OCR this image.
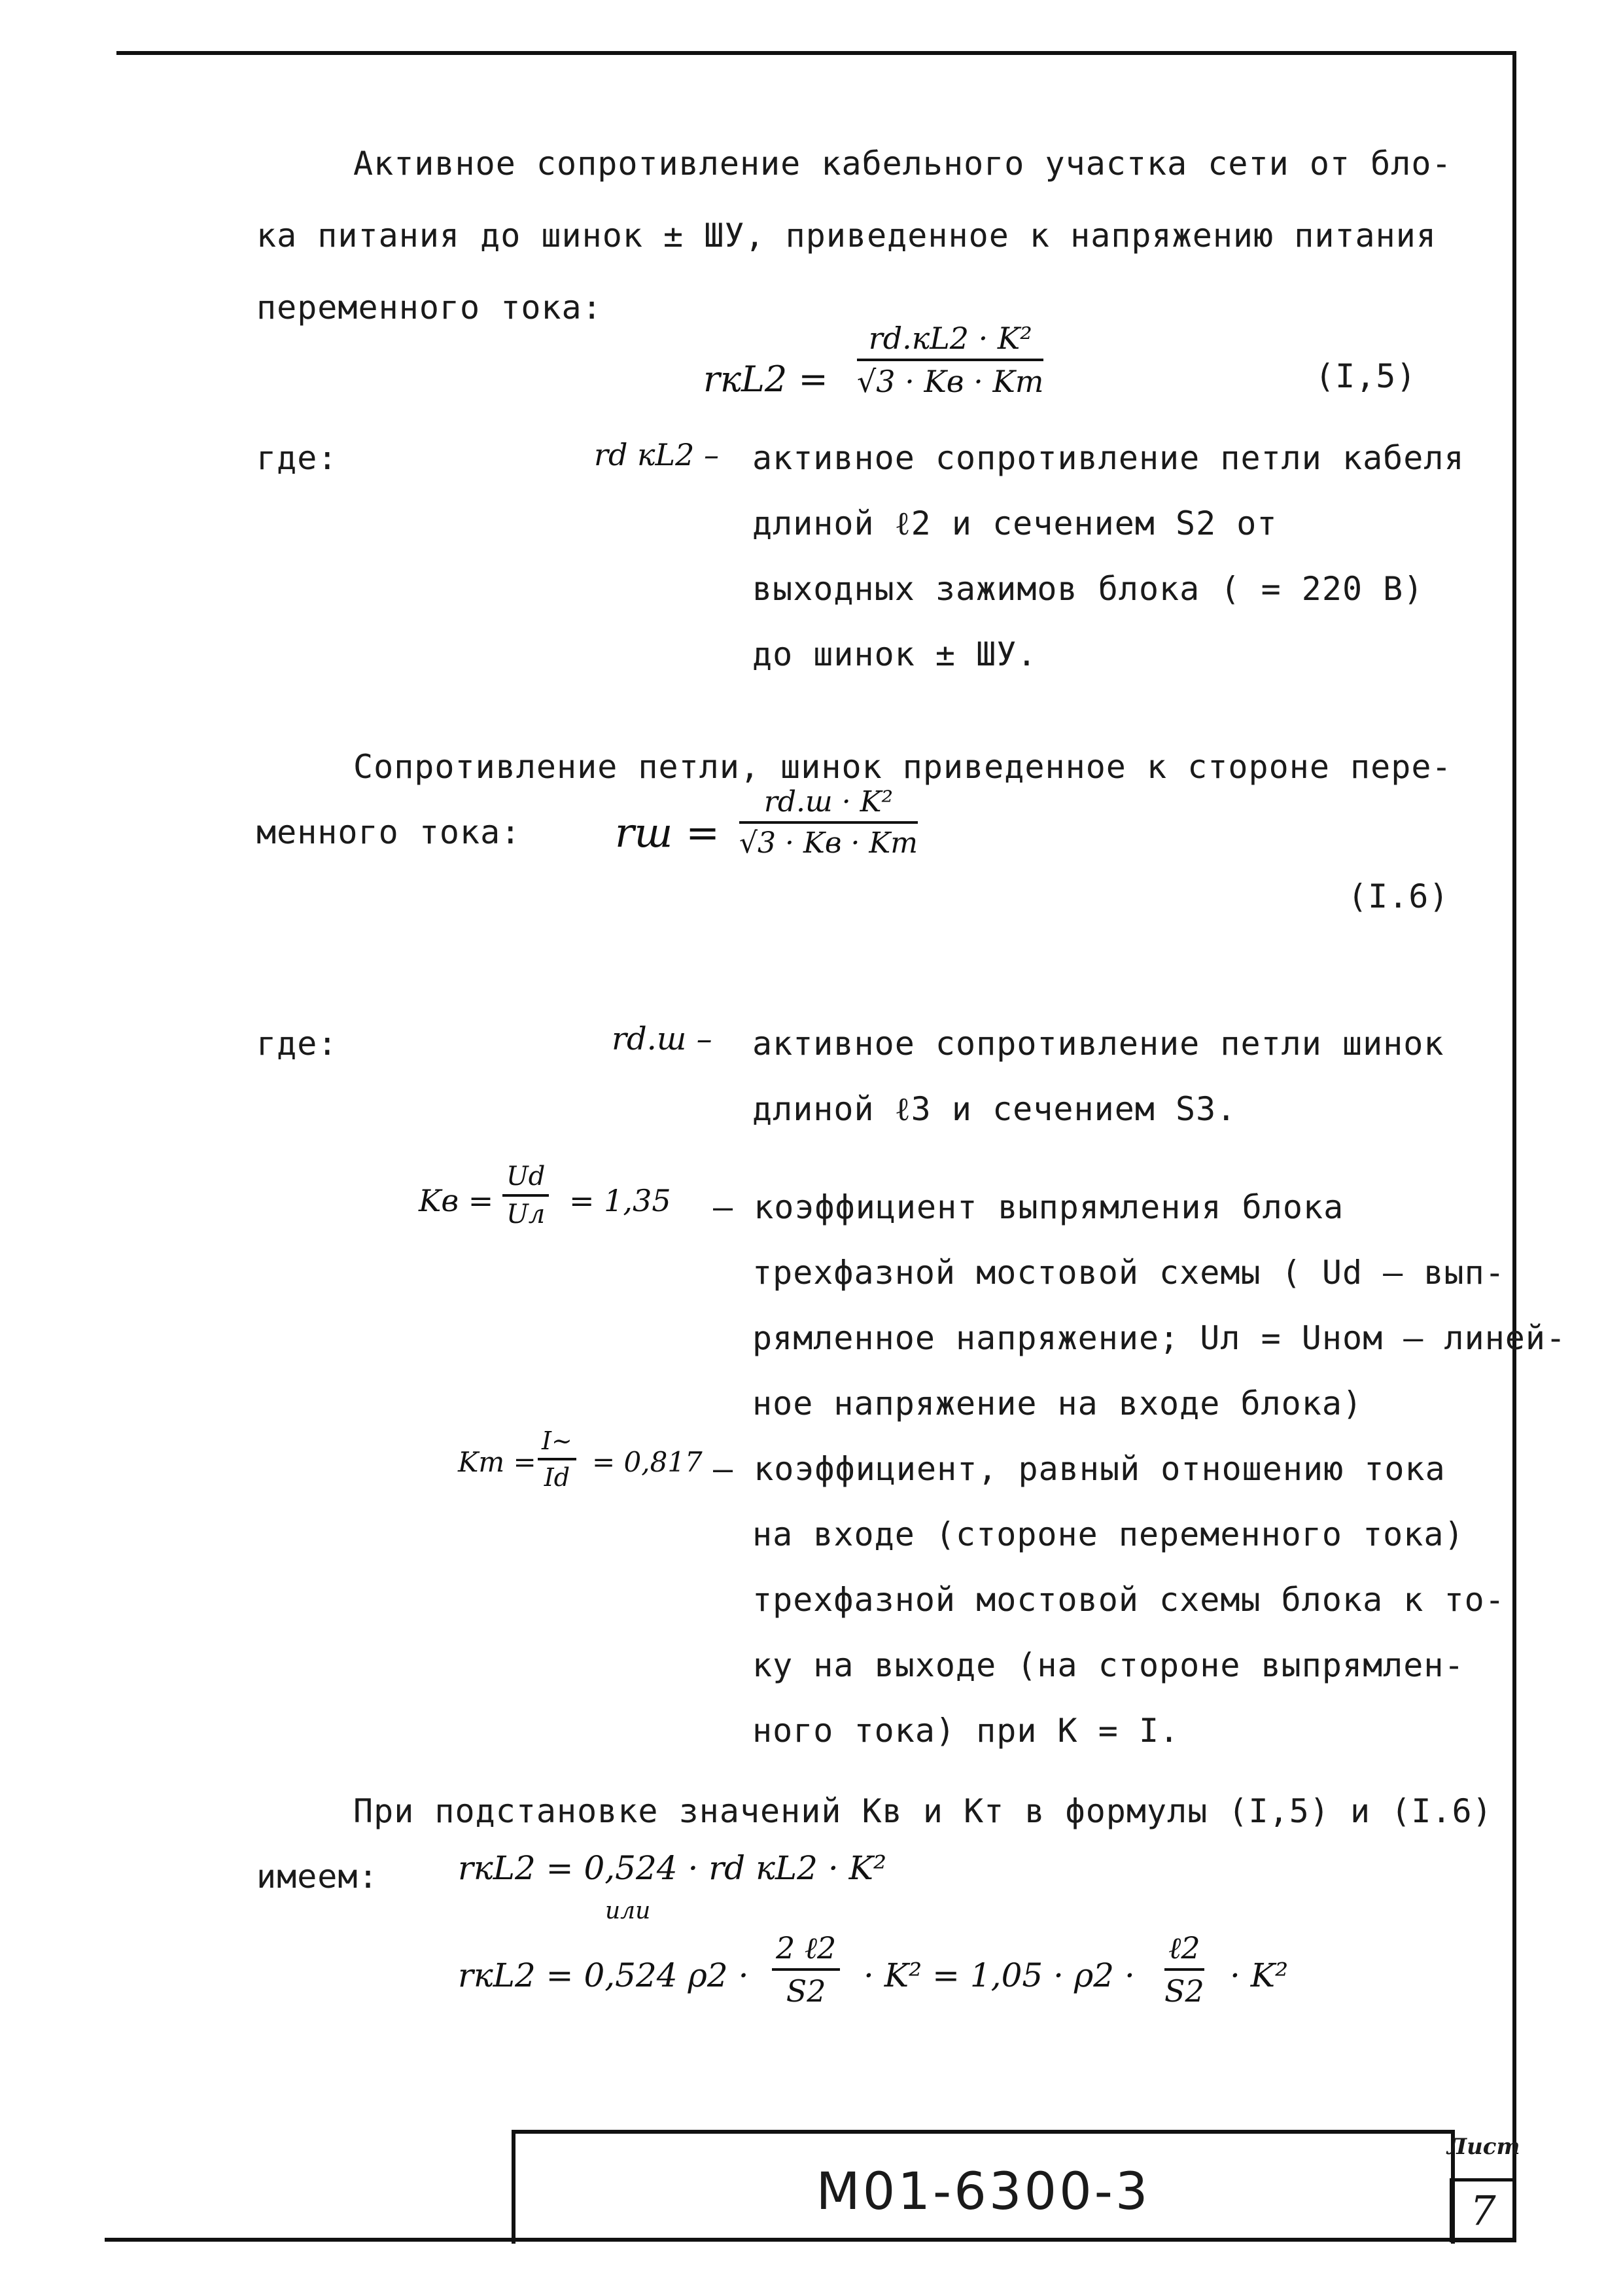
Активное сопротивление кабельного участка сети от бло-
ка питания до шинок ± ШУ, приведенное к напряжению питания
переменного тока:
rкL2 =
rd.кL2 · K²
√3 · Kв · Kт	(I,5)
где:	rd кL2 – активное сопротивление петли кабеля
длиной ℓ2 и сечением S2 от
выходных зажимов блока ( = 220 В)
до шинок ± ШУ.
Сопротивление петли, шинок приведенное к стороне пере-
менного тока: rш =
rd.ш · K²
√3 · Kв · Kт
(I.6)
где:	rd.ш – активное сопротивление петли шинок
длиной ℓ3 и сечением S3.
Kв =
Ud
Uл = 1,35 – коэффициент выпрямления блока
трехфазной мостовой схемы ( Ud – вып-
рямленное напряжение; Uл = Uном – линей-
ное напряжение на входе блока)
Kт = $\frac{I\sim}{Id} = 0,817$ – коэффициент, равный отношению тока
на входе (стороне переменного тока)
трехфазной мостовой схемы блока к то-
ку на выходе (на стороне выпрямлен-
ного тока) при К = I.
При подстановке значений Кв и Кт в формулы (I,5) и (I.6)
имеем: rкL2 = 0,524 · rd кL2 · K²
или
rкL2 = 0,524 ρ2 ·
2 ℓ2
S2	· K² = 1,05 · ρ2 ·
ℓ2
S2 · K²
М01-6300-3
Лист
7
